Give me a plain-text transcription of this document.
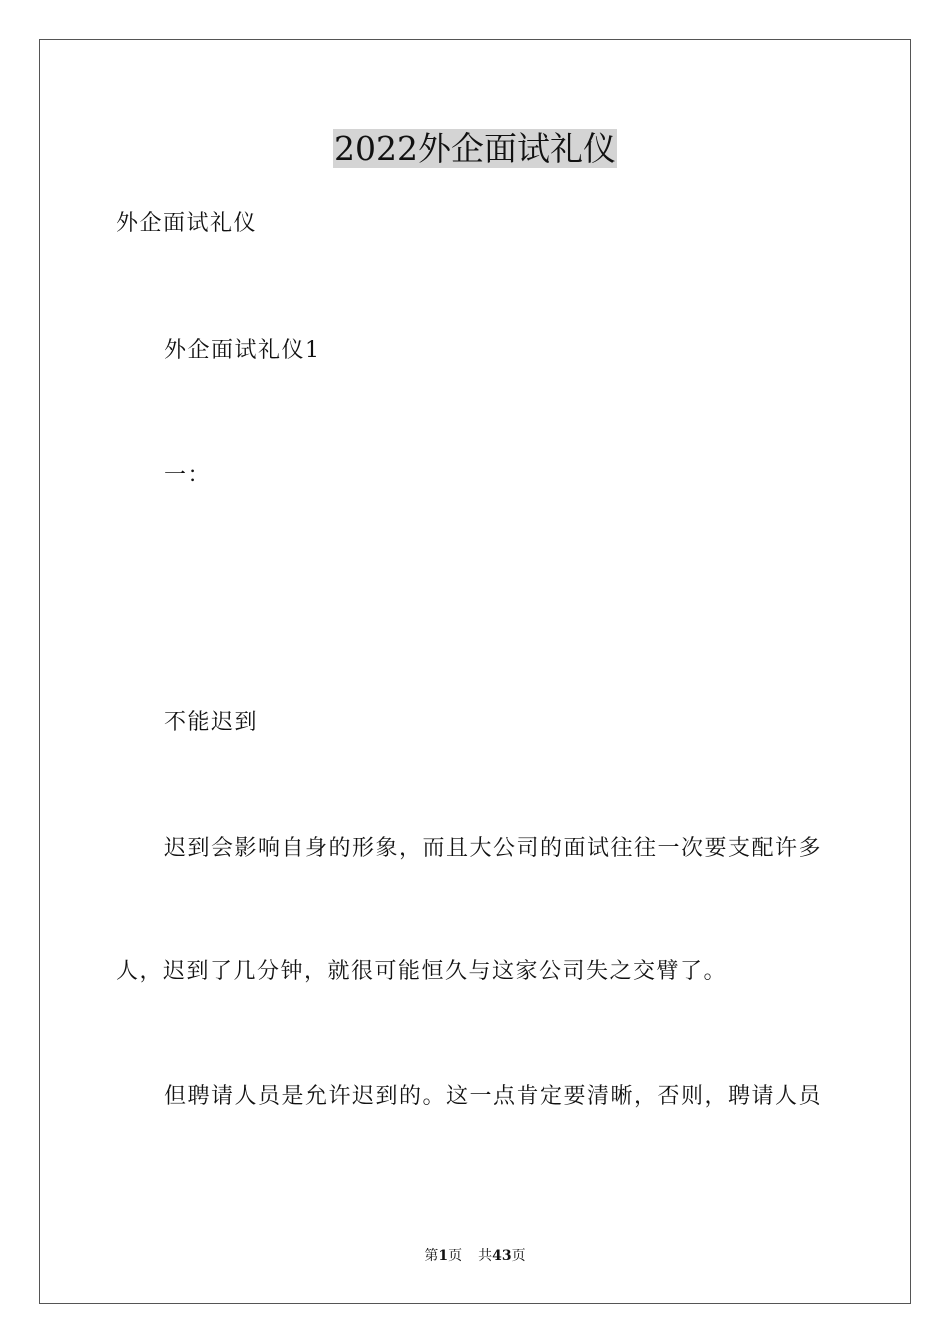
2022外企面试礼仪
外企面试礼仪
外企面试礼仪1
一：
不能迟到
迟到会影响自身的形象，而且大公司的面试往往一次要支配许多
人，迟到了几分钟，就很可能恒久与这家公司失之交臂了。
但聘请人员是允许迟到的。这一点肯定要清晰，否则，聘请人员
第1页 共43页
